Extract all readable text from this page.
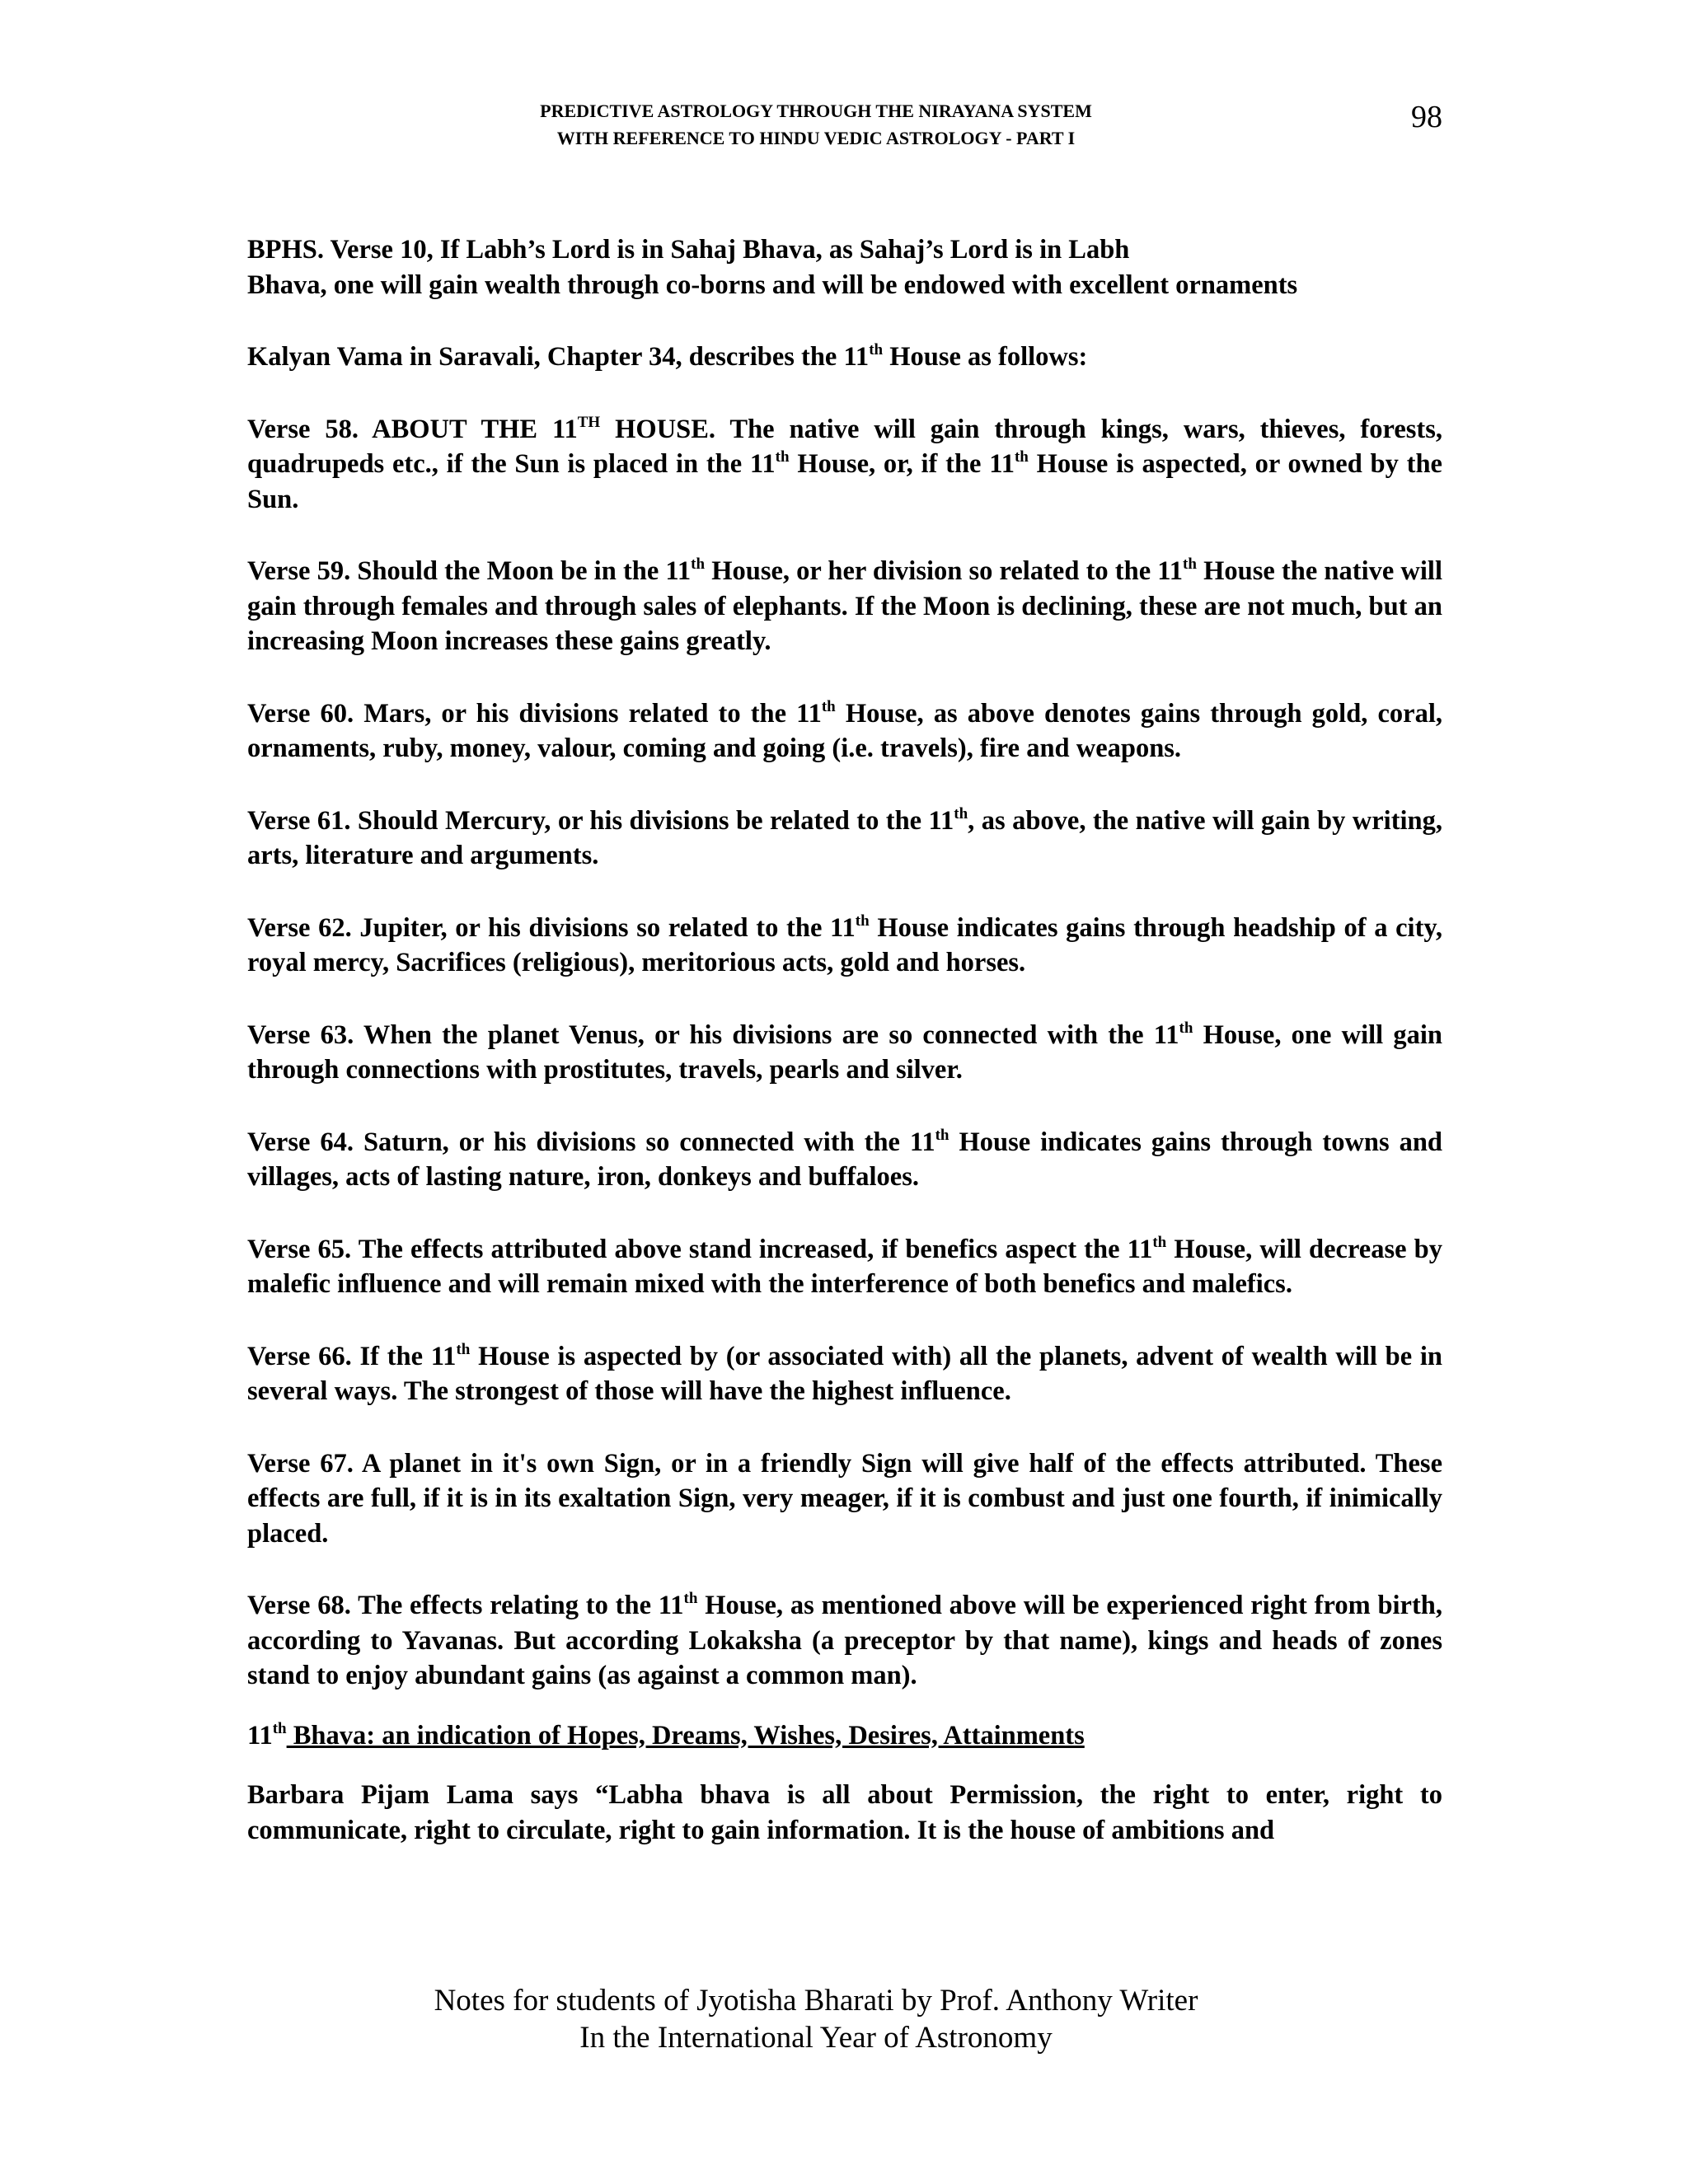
PREDICTIVE ASTROLOGY THROUGH THE NIRAYANA SYSTEM
WITH REFERENCE TO HINDU VEDIC ASTROLOGY - PART I
98

BPHS. Verse 10, If Labh’s Lord is in Sahaj Bhava, as Sahaj’s Lord is in Labh
Bhava, one will gain wealth through co-borns and will be endowed with excellent ornaments

Kalyan Vama in Saravali, Chapter 34, describes the 11th House as follows:

Verse 58. ABOUT THE 11TH HOUSE. The native will gain through kings, wars, thieves, forests, quadrupeds etc., if the Sun is placed in the 11th House, or, if the 11th House is aspected, or owned by the Sun.

Verse 59. Should the Moon be in the 11th House, or her division so related to the 11th House the native will gain through females and through sales of elephants. If the Moon is declining, these are not much, but an increasing Moon increases these gains greatly.

Verse 60. Mars, or his divisions related to the 11th House, as above denotes gains through gold, coral, ornaments, ruby, money, valour, coming and going (i.e. travels), fire and weapons.

Verse 61. Should Mercury, or his divisions be related to the 11th, as above, the native will gain by writing, arts, literature and arguments.

Verse 62. Jupiter, or his divisions so related to the 11th House indicates gains through headship of a city, royal mercy, Sacrifices (religious), meritorious acts, gold and horses.

Verse 63. When the planet Venus, or his divisions are so connected with the 11th House, one will gain through connections with prostitutes, travels, pearls and silver.

Verse 64. Saturn, or his divisions so connected with the 11th House indicates gains through towns and villages, acts of lasting nature, iron, donkeys and buffaloes.

Verse 65. The effects attributed above stand increased, if benefics aspect the 11th House, will decrease by malefic influence and will remain mixed with the interference of both benefics and malefics.

Verse 66. If the 11th House is aspected by (or associated with) all the planets, advent of wealth will be in several ways. The strongest of those will have the highest influence.

Verse 67. A planet in it's own Sign, or in a friendly Sign will give half of the effects attributed. These effects are full, if it is in its exaltation Sign, very meager, if it is combust and just one fourth, if inimically placed.

Verse 68. The effects relating to the 11th House, as mentioned above will be experienced right from birth, according to Yavanas. But according Lokaksha (a preceptor by that name), kings and heads of zones stand to enjoy abundant gains (as against a common man).

11th Bhava: an indication of Hopes, Dreams, Wishes, Desires, Attainments

Barbara Pijam Lama says “Labha bhava is all about Permission, the right to enter, right to communicate, right to circulate, right to gain information. It is the house of ambitions and

Notes for students of Jyotisha Bharati by Prof. Anthony Writer
In the International Year of Astronomy
